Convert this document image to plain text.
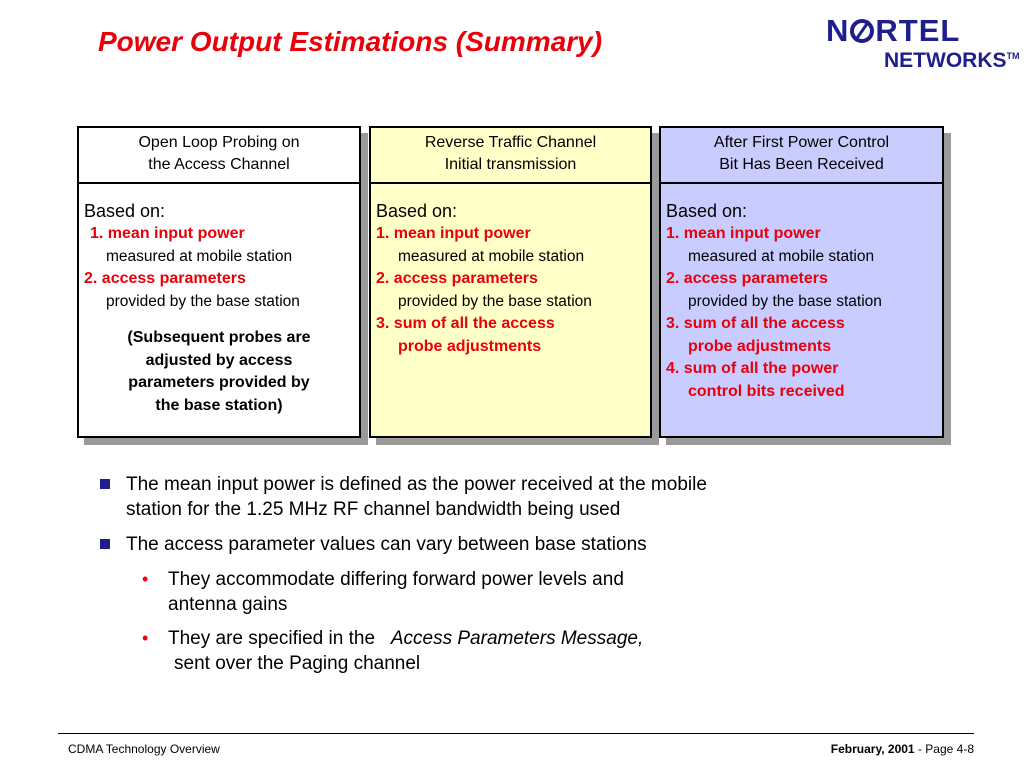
Power Output Estimations (Summary)	N RTEL
NETWORKS™
Open Loop Probing on
the Access Channel
Based on:
1. mean input power
measured at mobile station
2. access parameters
provided by the base station
(Subsequent probes are
adjusted by access
parameters provided by
the base station)
Reverse Traffic Channel
Initial transmission
Based on:
1. mean input power
measured at mobile station
2. access parameters
provided by the base station
3. sum of all the access
probe adjustments
After First Power Control
Bit Has Been Received
Based on:
1. mean input power
measured at mobile station
2. access parameters
provided by the base station
3. sum of all the access
probe adjustments
4. sum of all the power
control bits received
The mean input power is defined as the power received at the mobile
station for the 1.25 MHz RF channel bandwidth being used
The access parameter values can vary between base stations
• They accommodate differing forward power levels and
antenna gains
• They are specified in the Access Parameters Message,
sent over the Paging channel
CDMA Technology Overview	February, 2001 - Page 4-8
